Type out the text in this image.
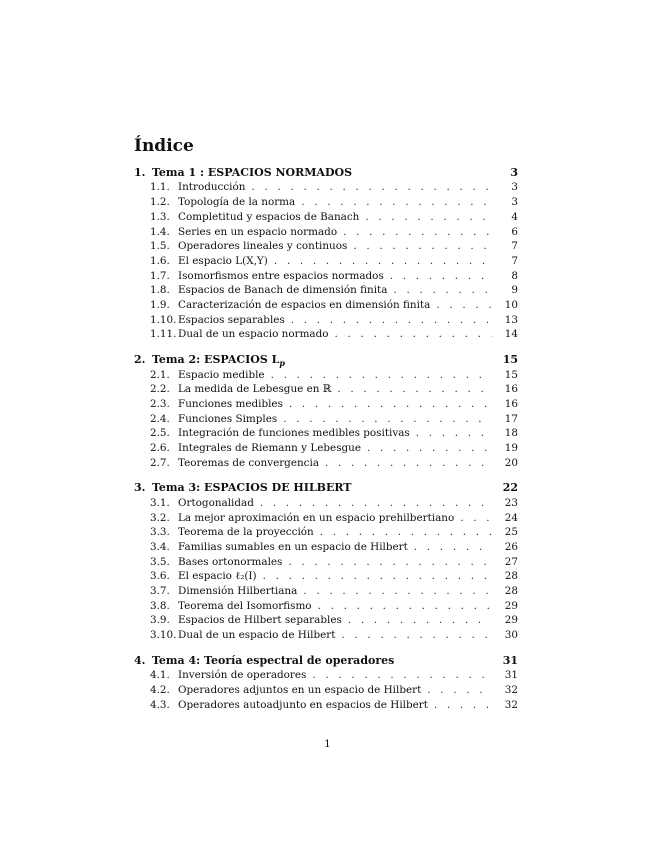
Índice
1. Tema 1 : ESPACIOS NORMADOS	3
1.1. Introducción . . .	3
1.2. Topología de la norma . . .	3
1.3. Completitud y espacios de Banach . . .	4
1.4. Series en un espacio normado . . .	6
1.5. Operadores lineales y continuos . . .	7
1.6. El espacio L(X,Y) . . .	7
1.7. Isomorfismos entre espacios normados . . .	8
1.8. Espacios de Banach de dimensión finita . . .	9
1.9. Caracterización de espacios en dimensión finita . . .	10
1.10. Espacios separables . . .	13
1.11. Dual de un espacio normado . . .	14
2. Tema 2: ESPACIOS $L_p$	15
2.1. Espacio medible . . .	15
2.2. La medida de Lebesgue en ℝ . . .	16
2.3. Funciones medibles . . .	16
2.4. Funciones Simples . . .	17
2.5. Integración de funciones medibles positivas . . .	18
2.6. Integrales de Riemann y Lebesgue . . .	19
2.7. Teoremas de convergencia . . .	20
3. Tema 3: ESPACIOS DE HILBERT	22
3.1. Ortogonalidad . . .	23
3.2. La mejor aproximación en un espacio prehilbertiano . . .	24
3.3. Teorema de la proyección . . .	25
3.4. Familias sumables en un espacio de Hilbert . . .	26
3.5. Bases ortonormales . . .	27
3.6. El espacio ℓ₂(I) . . .	28
3.7. Dimensión Hilbertiana . . .	28
3.8. Teorema del Isomorfismo . . .	29
3.9. Espacios de Hilbert separables . . .	29
3.10. Dual de un espacio de Hilbert . . .	30
4. Tema 4: Teoría espectral de operadores	31
4.1. Inversión de operadores . . .	31
4.2. Operadores adjuntos en un espacio de Hilbert . . .	32
4.3. Operadores autoadjunto en espacios de Hilbert . . .	32
1
